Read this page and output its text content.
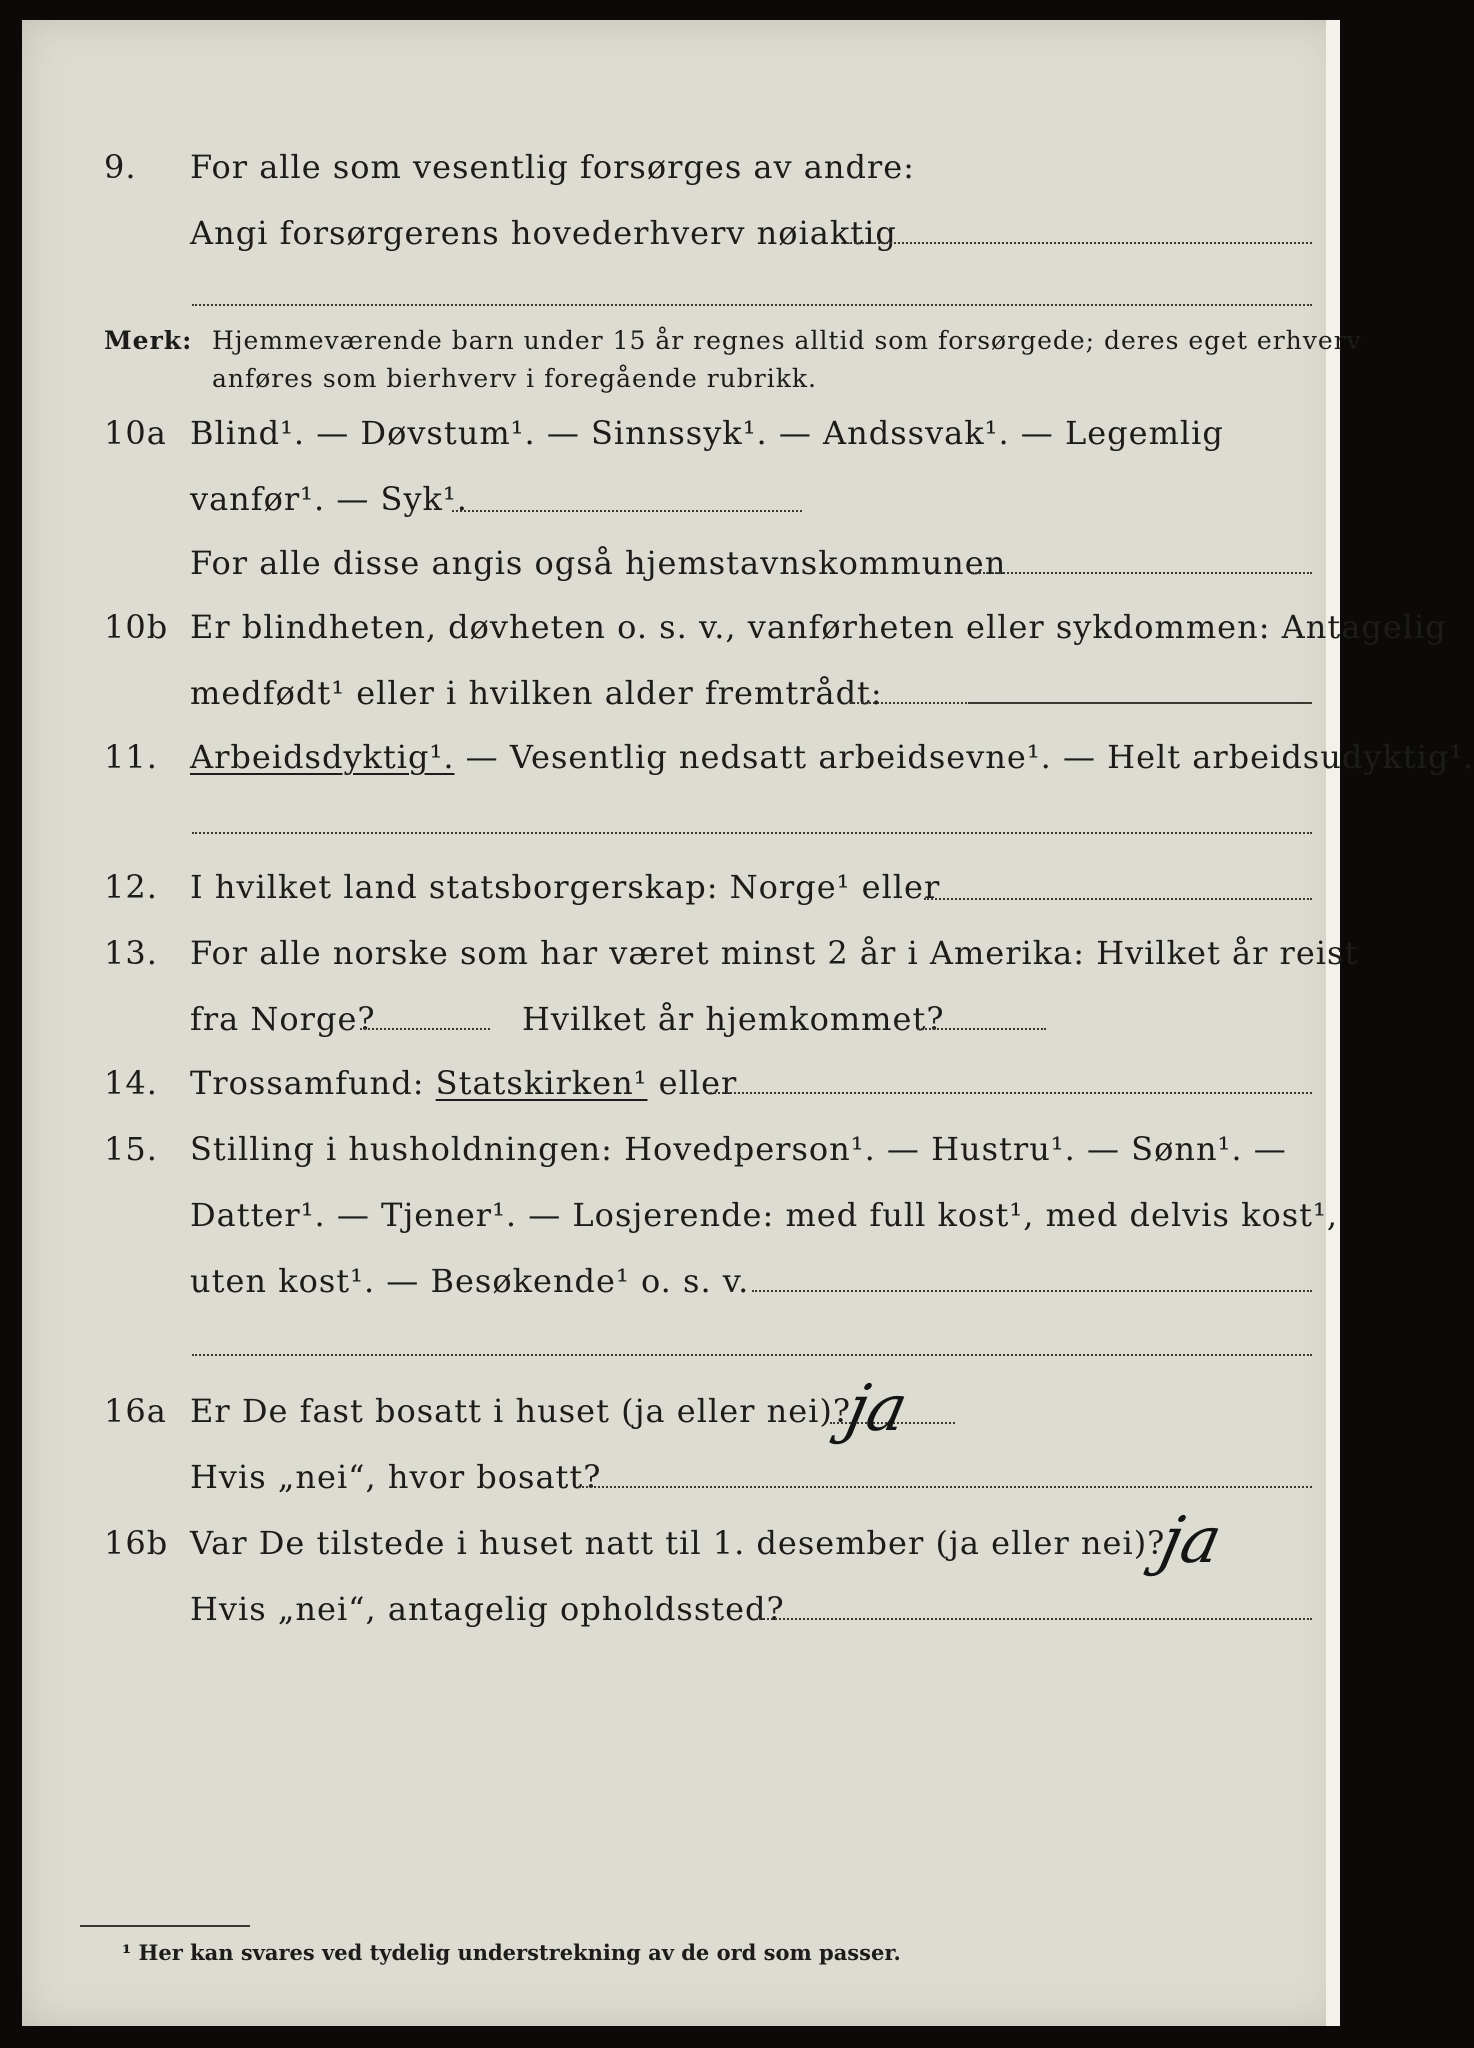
9. For alle som vesentlig forsørges av andre:
Angi forsørgerens hovederhverv nøiaktig
Merk: Hjemmeværende barn under 15 år regnes alltid som forsørgede; deres eget erhverv
anføres som bierhverv i foregående rubrikk.
10a Blind¹. — Døvstum¹. — Sinnssyk¹. — Andssvak¹. — Legemlig
vanfør¹. — Syk¹.
For alle disse angis også hjemstavnskommunen
10b Er blindheten, døvheten o. s. v., vanførheten eller sykdommen: Antagelig
medfødt¹ eller i hvilken alder fremtrådt:
11. Arbeidsdyktig¹. — Vesentlig nedsatt arbeidsevne¹. — Helt arbeidsudyktig¹.
12. I hvilket land statsborgerskap: Norge¹ eller
13. For alle norske som har været minst 2 år i Amerika: Hvilket år reist
fra Norge?	Hvilket år hjemkommet?
14. Trossamfund: Statskirken¹ eller
15. Stilling i husholdningen: Hovedperson¹. — Hustru¹. — Sønn¹. —
Datter¹. — Tjener¹. — Losjerende: med full kost¹, med delvis kost¹,
uten kost¹. — Besøkende¹ o. s. v.
16a Er De fast bosatt i huset (ja eller nei)?
ja
Hvis „nei“, hvor bosatt?
16b Var De tilstede i huset natt til 1. desember (ja eller nei)?
ja
Hvis „nei“, antagelig opholdssted?
¹ Her kan svares ved tydelig understrekning av de ord som passer.
